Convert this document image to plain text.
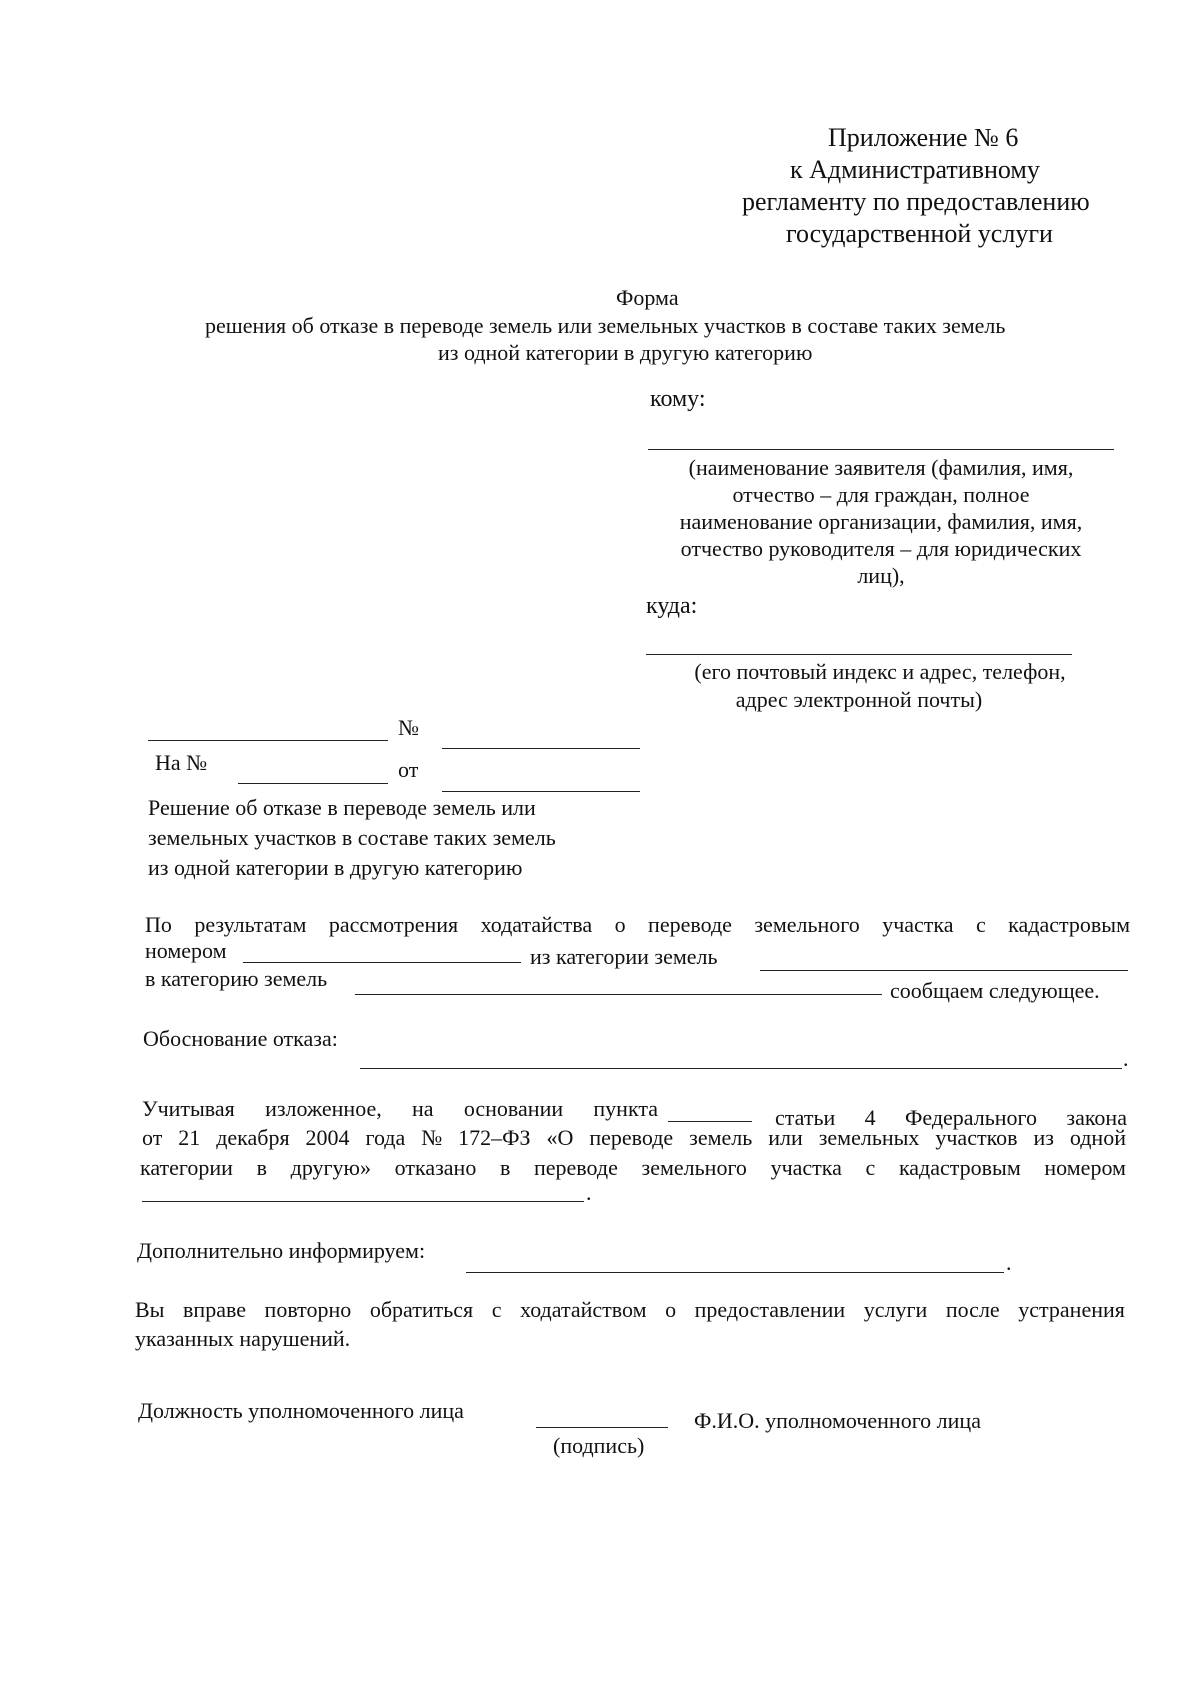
Приложение № 6
к Административному
регламенту по предоставлению
государственной услуги
Форма
решения об отказе в переводе земель или земельных участков в составе таких земель
из одной категории в другую категорию
кому:
(наименование заявителя (фамилия, имя,
отчество – для граждан, полное
наименование организации, фамилия, имя,
отчество руководителя – для юридических
лиц),
куда:
(его почтовый индекс и адрес, телефон,
адрес электронной почты)
№
На №	от
Решение об отказе в переводе земель или
земельных участков в составе таких земель
из одной категории в другую категорию
По результатам рассмотрения ходатайства о переводе земельного участка с кадастровым
номером	из категории земель
в категорию земель	сообщаем следующее.
Обоснование отказа:
.
Учитывая изложенное, на основании пункта	статьи 4 Федерального закона
от 21 декабря 2004 года № 172–ФЗ «О переводе земель или земельных участков из одной
категории в другую» отказано в переводе земельного участка с кадастровым номером
.
Дополнительно информируем:	.
Вы вправе повторно обратиться с ходатайством о предоставлении услуги после устранения
указанных нарушений.
Должность уполномоченного лица
(подпись)
Ф.И.О. уполномоченного лица
